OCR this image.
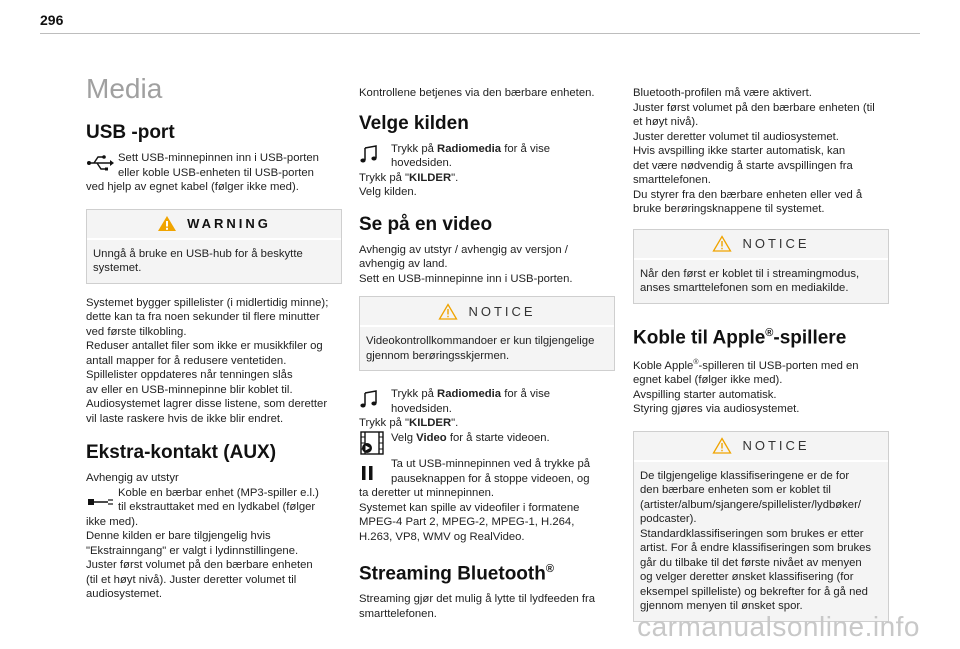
296
Media
USB -port
Sett USB-minnepinnen inn i USB-porten
eller koble USB-enheten til USB-porten
ved hjelp av egnet kabel (følger ikke med).
WARNING
Unngå å bruke en USB-hub for å beskytte
systemet.
Systemet bygger spillelister (i midlertidig minne);
dette kan ta fra noen sekunder til flere minutter
ved første tilkobling.
Reduser antallet filer som ikke er musikkfiler og
antall mapper for å redusere ventetiden.
Spillelister oppdateres når tenningen slås
av eller en USB-minnepinne blir koblet til.
Audiosystemet lagrer disse listene, som deretter
vil laste raskere hvis de ikke blir endret.
Ekstra-kontakt (AUX)
Avhengig av utstyr
Koble en bærbar enhet (MP3-spiller e.l.)
til ekstrauttaket med en lydkabel (følger
ikke med).
Denne kilden er bare tilgjengelig hvis
"Ekstrainngang" er valgt i lydinnstillingene.
Juster først volumet på den bærbare enheten
(til et høyt nivå). Juster deretter volumet til
audiosystemet.
Kontrollene betjenes via den bærbare enheten.
Velge kilden
Trykk på Radiomedia for å vise
hovedsiden.
Trykk på "KILDER".
Velg kilden.
Se på en video
Avhengig av utstyr / avhengig av versjon /
avhengig av land.
Sett en USB-minnepinne inn i USB-porten.
NOTICE
Videokontrollkommandoer er kun tilgjengelige
gjennom berøringsskjermen.
Trykk på Radiomedia for å vise
hovedsiden.
Trykk på "KILDER".
Velg Video for å starte videoen.
Ta ut USB-minnepinnen ved å trykke på
pauseknappen for å stoppe videoen, og
ta deretter ut minnepinnen.
Systemet kan spille av videofiler i formatene
MPEG-4 Part 2, MPEG-2, MPEG-1, H.264,
H.263, VP8, WMV og RealVideo.
Streaming Bluetooth®
Streaming gjør det mulig å lytte til lydfeeden fra
smarttelefonen.
Bluetooth-profilen må være aktivert.
Juster først volumet på den bærbare enheten (til
et høyt nivå).
Juster deretter volumet til audiosystemet.
Hvis avspilling ikke starter automatisk, kan
det være nødvendig å starte avspillingen fra
smarttelefonen.
Du styrer fra den bærbare enheten eller ved å
bruke berøringsknappene til systemet.
NOTICE
Når den først er koblet til i streamingmodus,
anses smarttelefonen som en mediakilde.
Koble til Apple®-spillere
Koble Apple®-spilleren til USB-porten med en
egnet kabel (følger ikke med).
Avspilling starter automatisk.
Styring gjøres via audiosystemet.
NOTICE
De tilgjengelige klassifiseringene er de for
den bærbare enheten som er koblet til
(artister/album/sjangere/spillelister/lydbøker/
podcaster).
Standardklassifiseringen som brukes er etter
artist. For å endre klassifiseringen som brukes
går du tilbake til det første nivået av menyen
og velger deretter ønsket klassifisering (for
eksempel spilleliste) og bekrefter for å gå ned
gjennom menyen til ønsket spor.
carmanualsonline.info
